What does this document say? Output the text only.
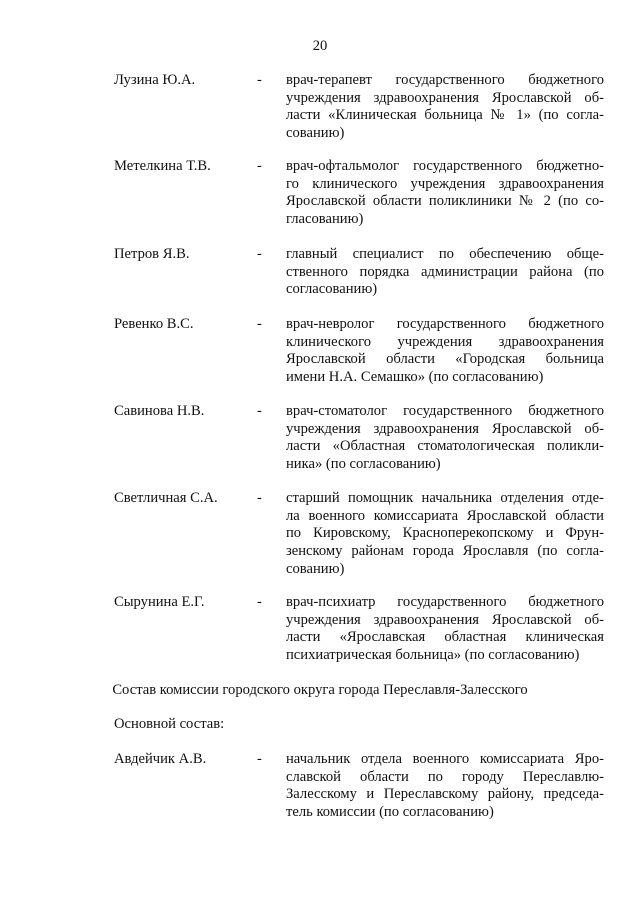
20
Лузина Ю.А.	- врач-терапевт государственного бюджетного
учреждения здравоохранения Ярославской об-
ласти «Клиническая больница № 1» (по согла-
сованию)
Метелкина Т.В.	- врач-офтальмолог государственного бюджетно-
го клинического учреждения здравоохранения
Ярославской области поликлиники № 2 (по со-
гласованию)
Петров Я.В.	- главный специалист по обеспечению обще-
ственного порядка администрации района (по
согласованию)
Ревенко В.С.	- врач-невролог государственного бюджетного
клинического учреждения здравоохранения
Ярославской области «Городская больница
имени Н.А. Семашко» (по согласованию)
Савинова Н.В.	- врач-стоматолог государственного бюджетного
учреждения здравоохранения Ярославской об-
ласти «Областная стоматологическая поликли-
ника» (по согласованию)
Светличная С.А.	- старший помощник начальника отделения отде-
ла военного комиссариата Ярославской области
по Кировскому, Красноперекопскому и Фрун-
зенскому районам города Ярославля (по согла-
сованию)
Сырунина Е.Г.	- врач-психиатр государственного бюджетного
учреждения здравоохранения Ярославской об-
ласти «Ярославская областная клиническая
психиатрическая больница» (по согласованию)
Состав комиссии городского округа города Переславля-Залесского
Основной состав:
Авдейчик А.В.	- начальник отдела военного комиссариата Яро-
славской области по городу Переславлю-
Залесскому и Переславскому району, председа-
тель комиссии (по согласованию)
